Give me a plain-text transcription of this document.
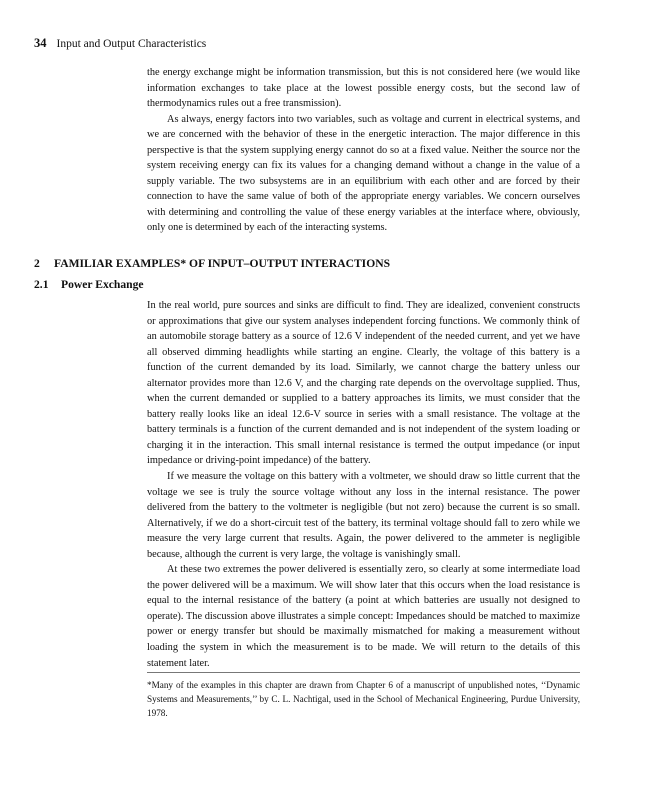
34 Input and Output Characteristics

the energy exchange might be information transmission, but this is not considered here (we would like information exchanges to take place at the lowest possible energy costs, but the second law of thermodynamics rules out a free transmission).

As always, energy factors into two variables, such as voltage and current in electrical systems, and we are concerned with the behavior of these in the energetic interaction. The major difference in this perspective is that the system supplying energy cannot do so at a fixed value. Neither the source nor the system receiving energy can fix its values for a changing demand without a change in the value of a supply variable. The two subsystems are in an equilibrium with each other and are forced by their connection to have the same value of both of the appropriate energy variables. We concern ourselves with determining and controlling the value of these energy variables at the interface where, obviously, only one is determined by each of the interacting systems.

2 FAMILIAR EXAMPLES* OF INPUT–OUTPUT INTERACTIONS
2.1 Power Exchange

In the real world, pure sources and sinks are difficult to find. They are idealized, convenient constructs or approximations that give our system analyses independent forcing functions. We commonly think of an automobile storage battery as a source of 12.6 V independent of the needed current, and yet we have all observed dimming headlights while starting an engine. Clearly, the voltage of this battery is a function of the current demanded by its load. Similarly, we cannot charge the battery unless our alternator provides more than 12.6 V, and the charging rate depends on the overvoltage supplied. Thus, when the current demanded or supplied to a battery approaches its limits, we must consider that the battery really looks like an ideal 12.6-V source in series with a small resistance. The voltage at the battery terminals is a function of the current demanded and is not independent of the system loading or charging it in the interaction. This small internal resistance is termed the output impedance (or input impedance or driving-point impedance) of the battery.

If we measure the voltage on this battery with a voltmeter, we should draw so little current that the voltage we see is truly the source voltage without any loss in the internal resistance. The power delivered from the battery to the voltmeter is negligible (but not zero) because the current is so small. Alternatively, if we do a short-circuit test of the battery, its terminal voltage should fall to zero while we measure the very large current that results. Again, the power delivered to the ammeter is negligible because, although the current is very large, the voltage is vanishingly small.

At these two extremes the power delivered is essentially zero, so clearly at some intermediate load the power delivered will be a maximum. We will show later that this occurs when the load resistance is equal to the internal resistance of the battery (a point at which batteries are usually not designed to operate). The discussion above illustrates a simple concept: Impedances should be matched to maximize power or energy transfer but should be maximally mismatched for making a measurement without loading the system in which the measurement is to be made. We will return to the details of this statement later.

*Many of the examples in this chapter are drawn from Chapter 6 of a manuscript of unpublished notes, ‘‘Dynamic Systems and Measurements,’’ by C. L. Nachtigal, used in the School of Mechanical Engineering, Purdue University, 1978.
